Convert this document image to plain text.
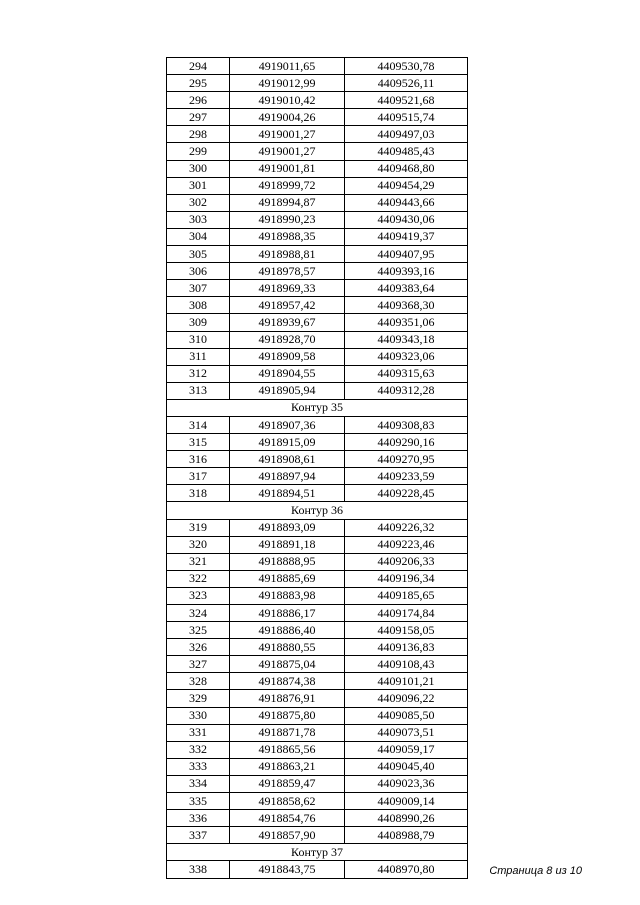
294	4919011,65	4409530,78
295	4919012,99	4409526,11
296	4919010,42	4409521,68
297	4919004,26	4409515,74
298	4919001,27	4409497,03
299	4919001,27	4409485,43
300	4919001,81	4409468,80
301	4918999,72	4409454,29
302	4918994,87	4409443,66
303	4918990,23	4409430,06
304	4918988,35	4409419,37
305	4918988,81	4409407,95
306	4918978,57	4409393,16
307	4918969,33	4409383,64
308	4918957,42	4409368,30
309	4918939,67	4409351,06
310	4918928,70	4409343,18
311	4918909,58	4409323,06
312	4918904,55	4409315,63
313	4918905,94	4409312,28
Контур 35		
314	4918907,36	4409308,83
315	4918915,09	4409290,16
316	4918908,61	4409270,95
317	4918897,94	4409233,59
318	4918894,51	4409228,45
Контур 36		
319	4918893,09	4409226,32
320	4918891,18	4409223,46
321	4918888,95	4409206,33
322	4918885,69	4409196,34
323	4918883,98	4409185,65
324	4918886,17	4409174,84
325	4918886,40	4409158,05
326	4918880,55	4409136,83
327	4918875,04	4409108,43
328	4918874,38	4409101,21
329	4918876,91	4409096,22
330	4918875,80	4409085,50
331	4918871,78	4409073,51
332	4918865,56	4409059,17
333	4918863,21	4409045,40
334	4918859,47	4409023,36
335	4918858,62	4409009,14
336	4918854,76	4408990,26
337	4918857,90	4408988,79
Контур 37		
338	4918843,75	4408970,80	Страница 8 из 10
